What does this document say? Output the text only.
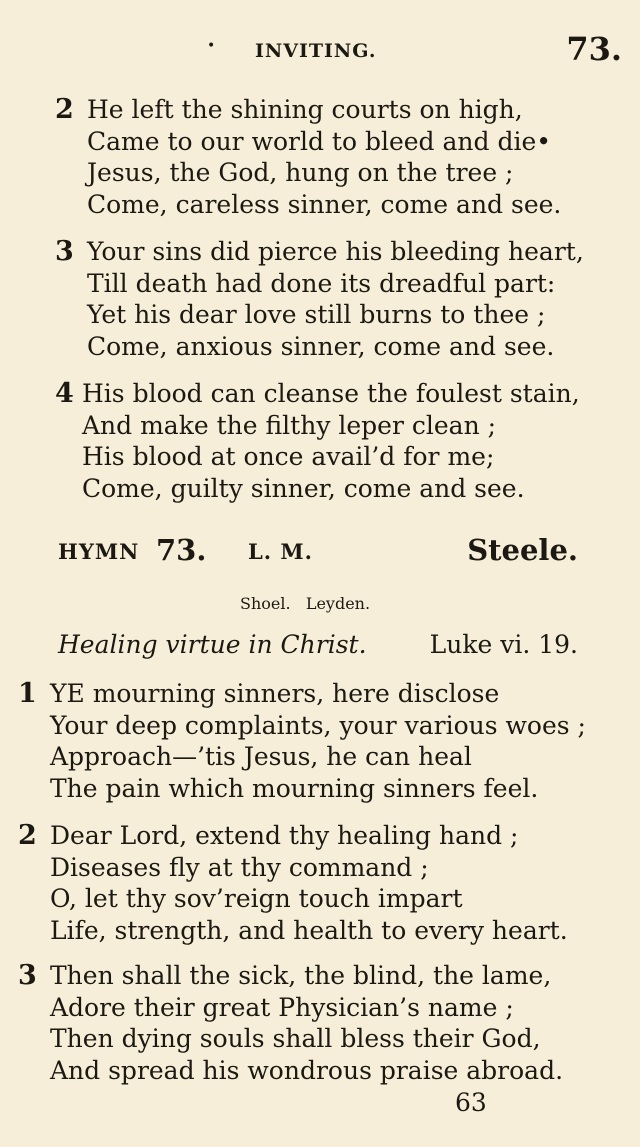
• INVITING.	73.
2 He left the shining courts on high,
Came to our world to bleed and die•
Jesus, the God, hung on the tree ;
Come, careless sinner, come and see.
3 Your sins did pierce his bleeding heart,
Till death had done its dreadful part:
Yet his dear love still burns to thee ;
Come, anxious sinner, come and see.
4 His blood can cleanse the foulest stain,
And make the filthy leper clean ;
His blood at once avail’d for me;
Come, guilty sinner, come and see.
HYMN 73. L. M.	Steele.
Shoel.   Leyden.
Healing virtue in Christ.	Luke vi. 19.
1 YE mourning sinners, here disclose
Your deep complaints, your various woes ;
Approach—’tis Jesus, he can heal
The pain which mourning sinners feel.
2 Dear Lord, extend thy healing hand ;
Diseases fly at thy command ;
O, let thy sov’reign touch impart
Life, strength, and health to every heart.
3 Then shall the sick, the blind, the lame,
Adore their great Physician’s name ;
Then dying souls shall bless their God,
And spread his wondrous praise abroad.
63
